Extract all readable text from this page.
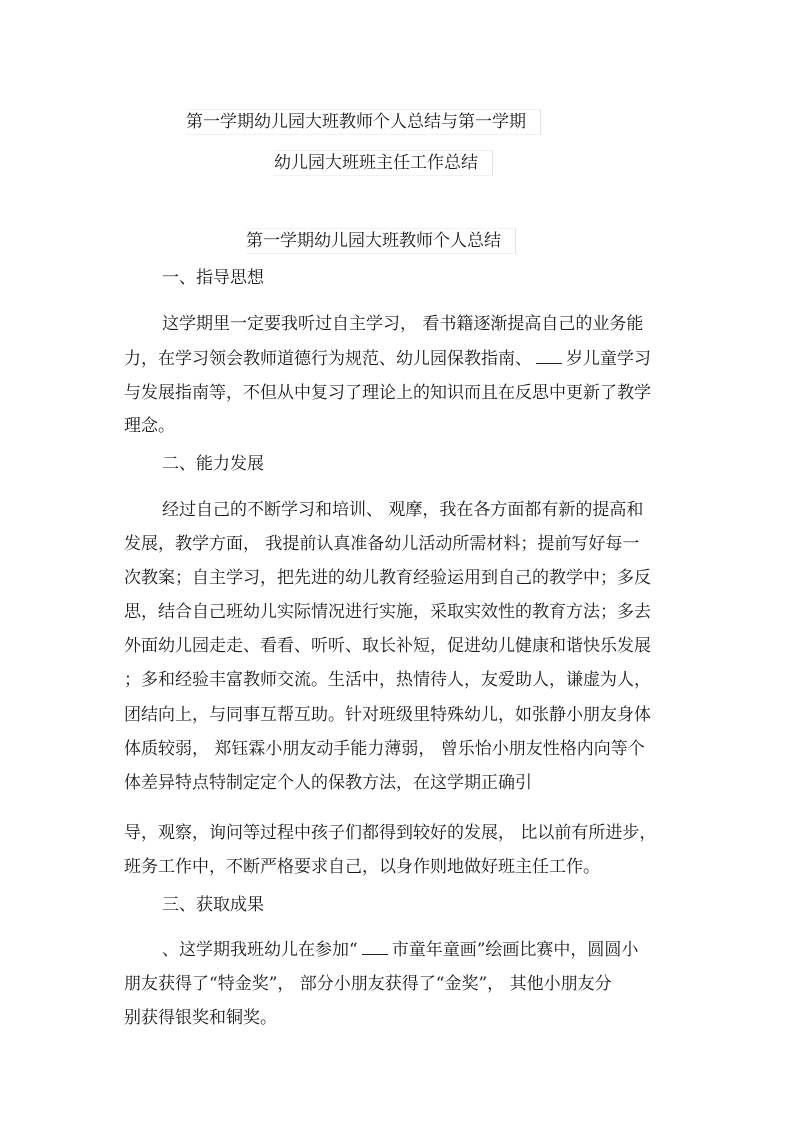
第一学期幼儿园大班教师个人总结与第一学期
幼儿园大班班主任工作总结
第一学期幼儿园大班教师个人总结
一、指导思想
这学期里一定要我听过自主学习， 看书籍逐渐提高自己的业务能
力，在学习领会教师道德行为规范、幼儿园保教指南、 岁儿童学习
与发展指南等，不但从中复习了理论上的知识而且在反思中更新了教学
理念。
二、能力发展
经过自己的不断学习和培训、 观摩，我在各方面都有新的提高和
发展，教学方面， 我提前认真准备幼儿活动所需材料；提前写好每一
次教案；自主学习，把先进的幼儿教育经验运用到自己的教学中；多反
思，结合自己班幼儿实际情况进行实施，采取实效性的教育方法；多去
外面幼儿园走走、看看、听听、取长补短，促进幼儿健康和谐快乐发展
；多和经验丰富教师交流。生活中，热情待人，友爱助人，谦虚为人，
团结向上，与同事互帮互助。针对班级里特殊幼儿，如张静小朋友身体
体质较弱， 郑钰霖小朋友动手能力薄弱， 曾乐怡小朋友性格内向等个
体差异特点特制定定个人的保教方法，在这学期正确引
导，观察，询问等过程中孩子们都得到较好的发展， 比以前有所进步，
班务工作中，不断严格要求自己，以身作则地做好班主任工作。
三、获取成果
、这学期我班幼儿在参加“ 市童年童画”绘画比赛中，圆圆小
朋友获得了“特金奖”， 部分小朋友获得了“金奖”， 其他小朋友分
别获得银奖和铜奖。
